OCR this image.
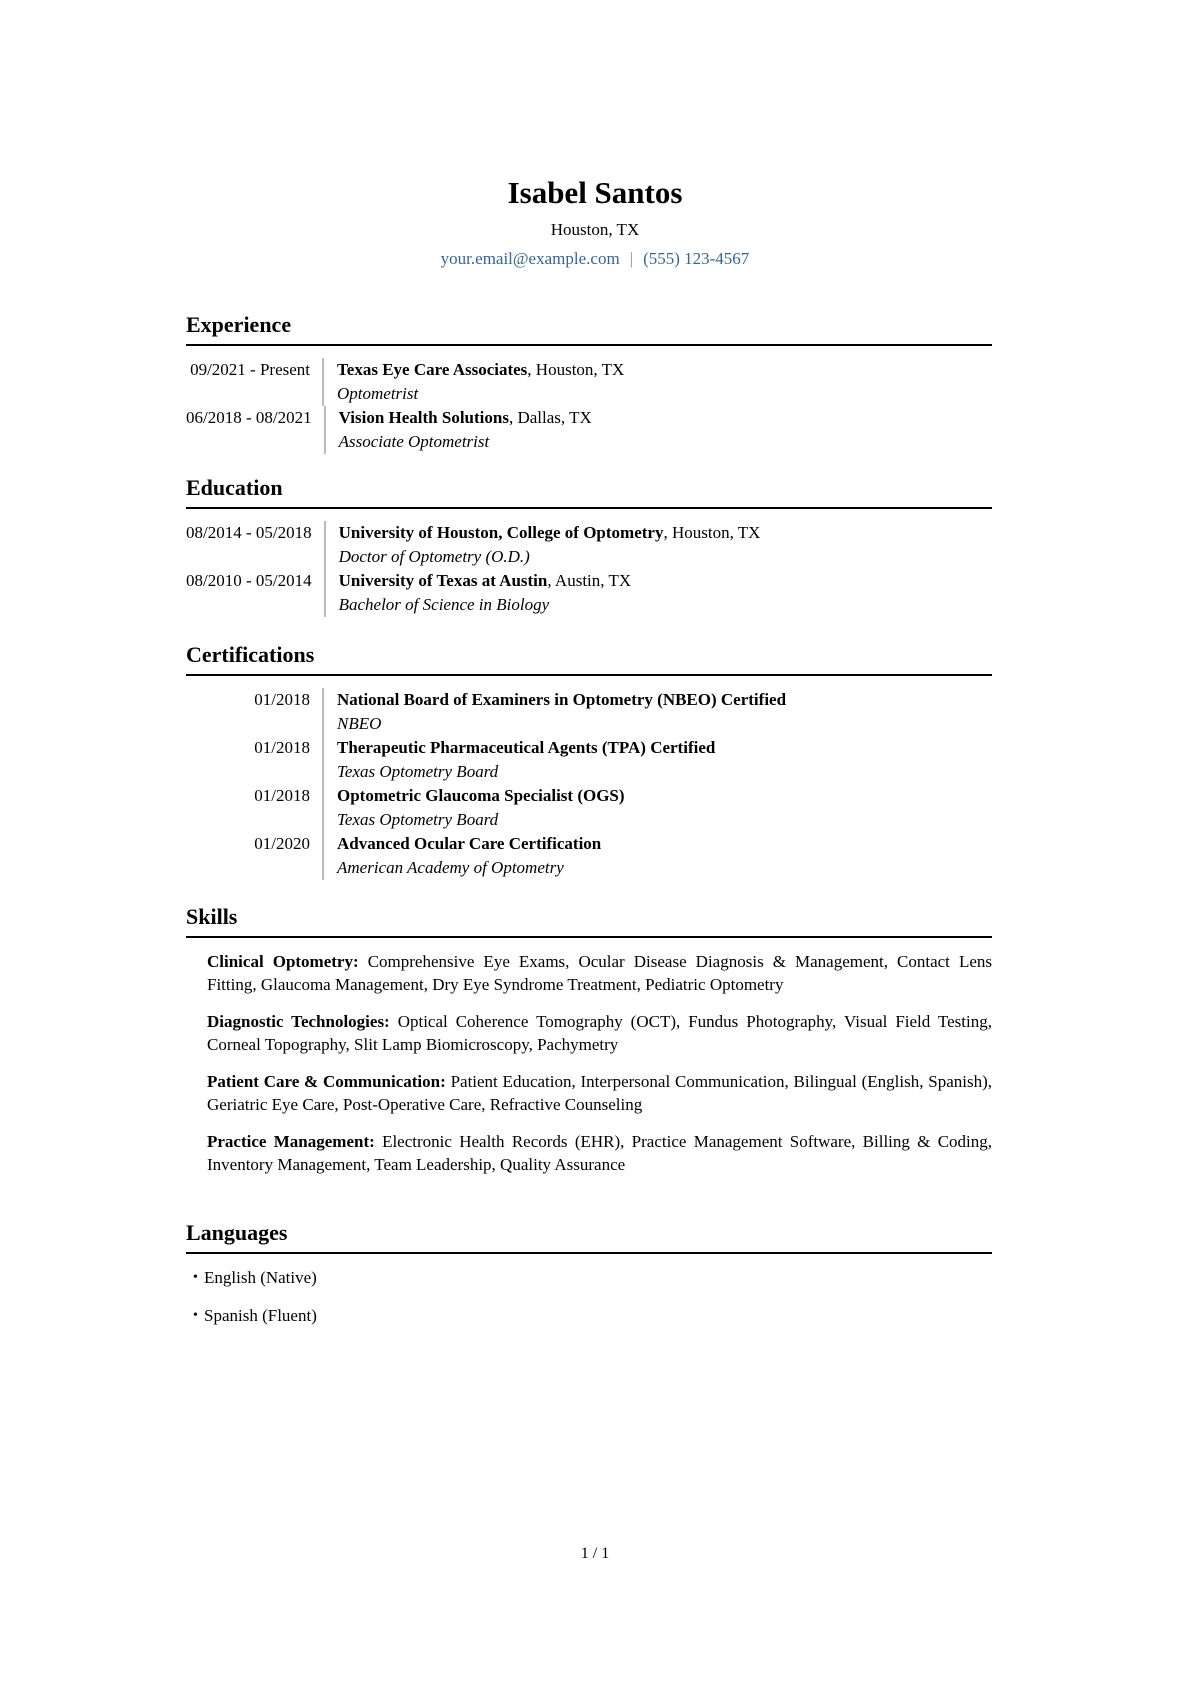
Isabel Santos
Houston, TX
your.email@example.com | (555) 123-4567
Experience
09/2021 - Present Texas Eye Care Associates, Houston, TX
Optometrist
06/2018 - 08/2021 Vision Health Solutions, Dallas, TX
Associate Optometrist
Education
08/2014 - 05/2018 University of Houston, College of Optometry, Houston, TX
Doctor of Optometry (O.D.)
08/2010 - 05/2014 University of Texas at Austin, Austin, TX
Bachelor of Science in Biology
Certifications
01/2018 National Board of Examiners in Optometry (NBEO) Certified
NBEO
01/2018 Therapeutic Pharmaceutical Agents (TPA) Certified
Texas Optometry Board
01/2018 Optometric Glaucoma Specialist (OGS)
Texas Optometry Board
01/2020 Advanced Ocular Care Certification
American Academy of Optometry
Skills

Clinical Optometry: Comprehensive Eye Exams, Ocular Disease Diagnosis & Management, Contact Lens Fitting, Glaucoma Management, Dry Eye Syndrome Treatment, Pediatric Optometry

Diagnostic Technologies: Optical Coherence Tomography (OCT), Fundus Photography, Visual Field Testing, Corneal Topography, Slit Lamp Biomicroscopy, Pachymetry

Patient Care & Communication: Patient Education, Interpersonal Communication, Bilingual (English, Spanish), Geriatric Eye Care, Post-Operative Care, Refractive Counseling

Practice Management: Electronic Health Records (EHR), Practice Management Software, Billing & Coding, Inventory Management, Team Leadership, Quality Assurance

Languages
• English (Native)
• Spanish (Fluent)
1 / 1
